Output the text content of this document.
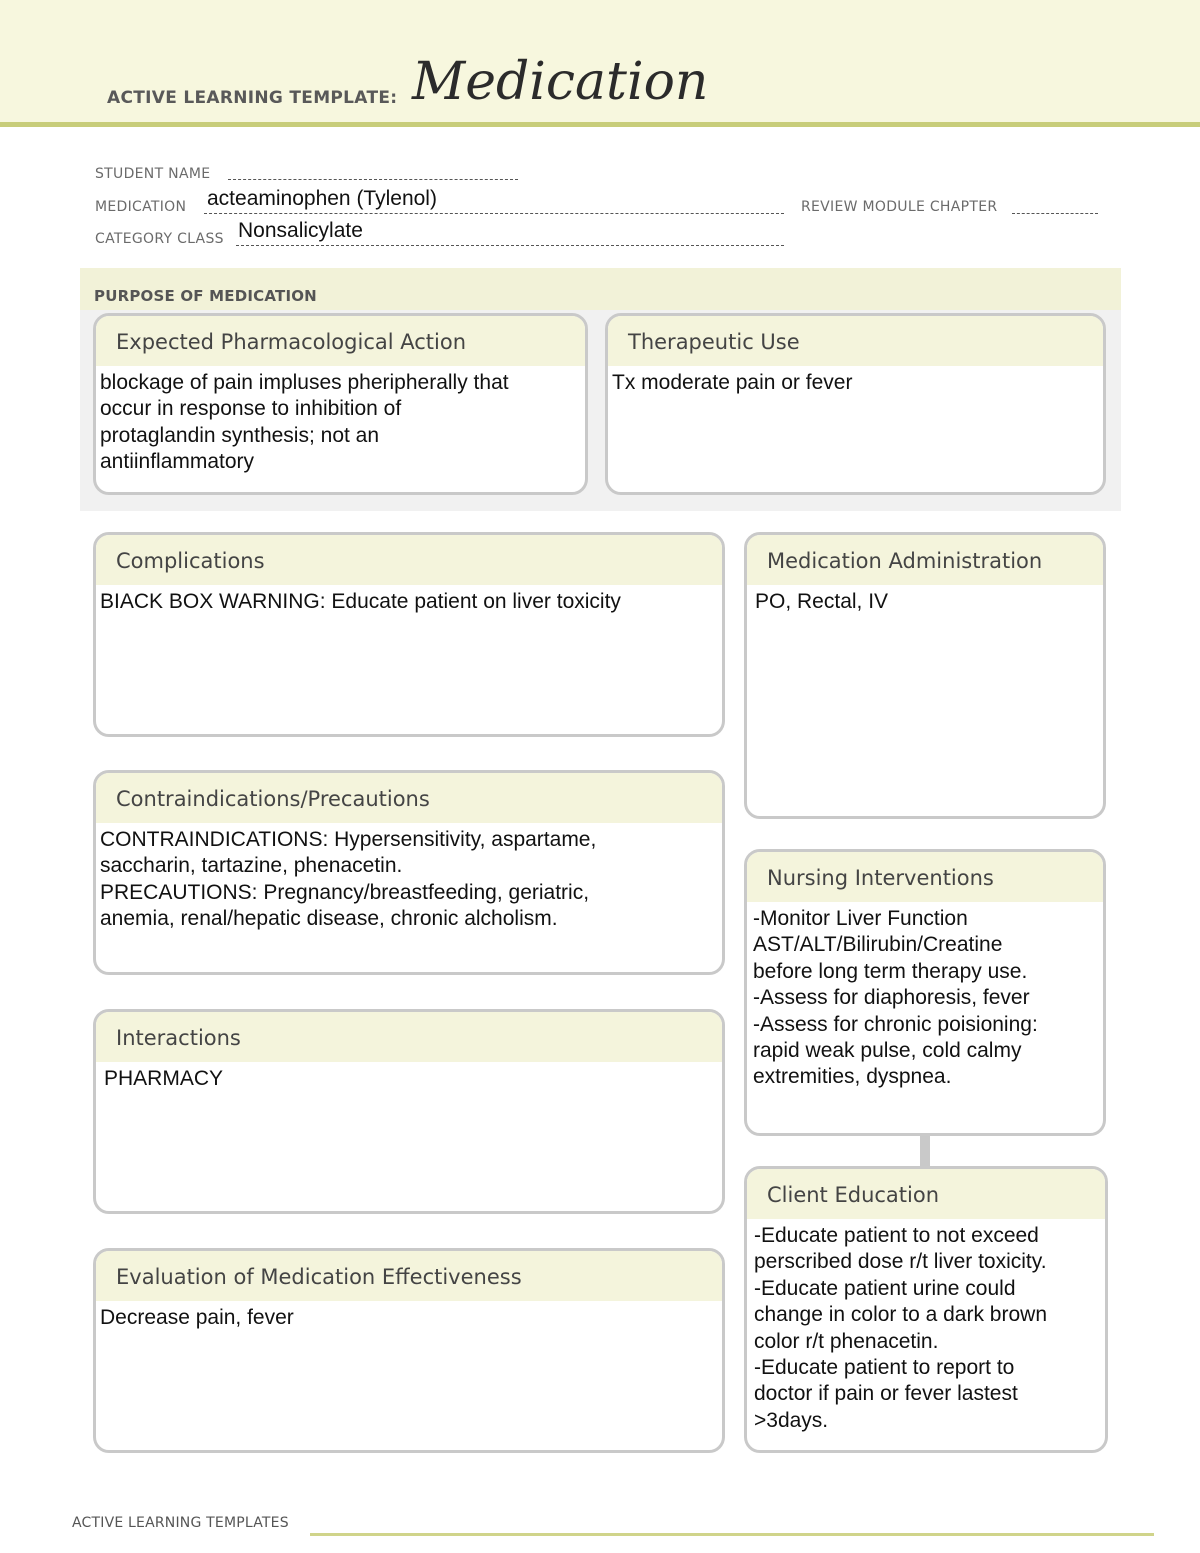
ACTIVE LEARNING TEMPLATE: Medication
STUDENT NAME
MEDICATION acteaminophen (Tylenol)	REVIEW MODULE CHAPTER
CATEGORY CLASS Nonsalicylate
PURPOSE OF MEDICATION
Expected Pharmacological Action
blockage of pain impluses pheripherally that
occur in response to inhibition of
protaglandin synthesis; not an
antiinflammatory
Therapeutic Use
Tx moderate pain or fever
Complications
BIACK BOX WARNING: Educate patient on liver toxicity
Contraindications/Precautions
CONTRAINDICATIONS: Hypersensitivity, aspartame,
saccharin, tartazine, phenacetin.
PRECAUTIONS: Pregnancy/breastfeeding, geriatric,
anemia, renal/hepatic disease, chronic alcholism.
Interactions
PHARMACY
Evaluation of Medication Effectiveness
Decrease pain, fever
Medication Administration
PO, Rectal, IV
Nursing Interventions
-Monitor Liver Function
AST/ALT/Bilirubin/Creatine
before long term therapy use.
-Assess for diaphoresis, fever
-Assess for chronic poisioning:
rapid weak pulse, cold calmy
extremities, dyspnea.
Client Education
-Educate patient to not exceed
perscribed dose r/t liver toxicity.
-Educate patient urine could
change in color to a dark brown
color r/t phenacetin.
-Educate patient to report to
doctor if pain or fever lastest
>3days.
ACTIVE LEARNING TEMPLATES
